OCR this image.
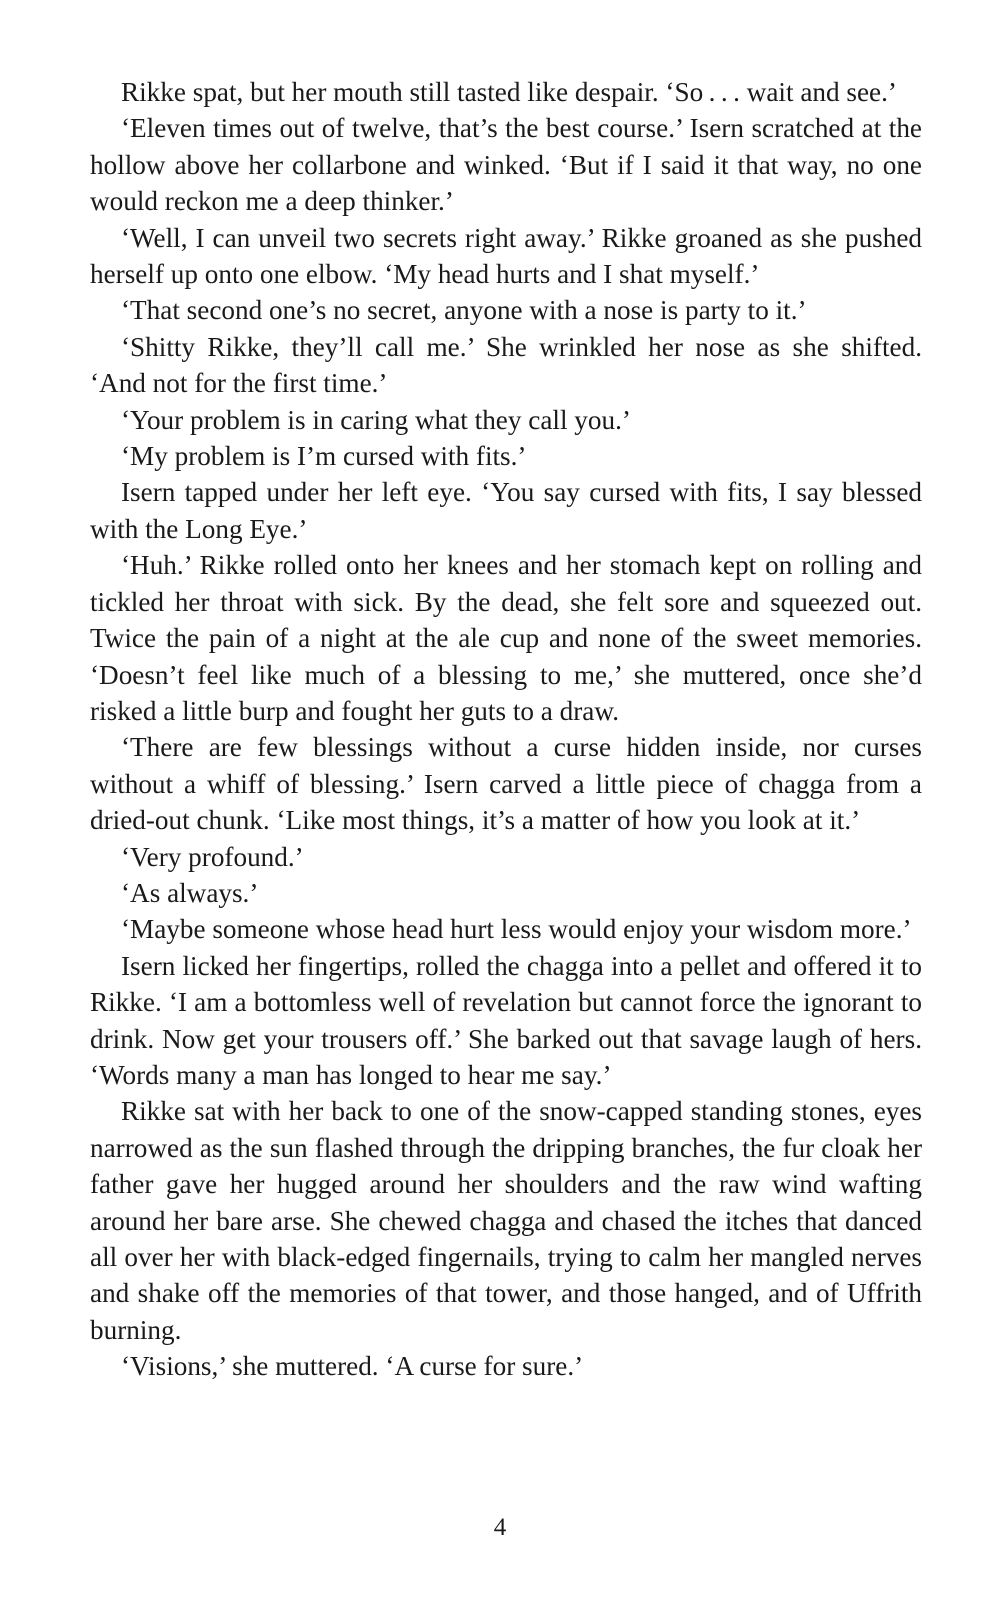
Rikke spat, but her mouth still tasted like despair. ‘So . . . wait and see.’

‘Eleven times out of twelve, that’s the best course.’ Isern scratched at the hollow above her collarbone and winked. ‘But if I said it that way, no one would reckon me a deep thinker.’

‘Well, I can unveil two secrets right away.’ Rikke groaned as she pushed herself up onto one elbow. ‘My head hurts and I shat myself.’

‘That second one’s no secret, anyone with a nose is party to it.’

‘Shitty Rikke, they’ll call me.’ She wrinkled her nose as she shifted. ‘And not for the first time.’

‘Your problem is in caring what they call you.’

‘My problem is I’m cursed with fits.’

Isern tapped under her left eye. ‘You say cursed with fits, I say blessed with the Long Eye.’

‘Huh.’ Rikke rolled onto her knees and her stomach kept on rolling and tickled her throat with sick. By the dead, she felt sore and squeezed out. Twice the pain of a night at the ale cup and none of the sweet memories. ‘Doesn’t feel like much of a blessing to me,’ she muttered, once she’d risked a little burp and fought her guts to a draw.

‘There are few blessings without a curse hidden inside, nor curses without a whiff of blessing.’ Isern carved a little piece of chagga from a dried-out chunk. ‘Like most things, it’s a matter of how you look at it.’

‘Very profound.’

‘As always.’

‘Maybe someone whose head hurt less would enjoy your wisdom more.’

Isern licked her fingertips, rolled the chagga into a pellet and offered it to Rikke. ‘I am a bottomless well of revelation but cannot force the ignorant to drink. Now get your trousers off.’ She barked out that savage laugh of hers. ‘Words many a man has longed to hear me say.’

Rikke sat with her back to one of the snow-capped standing stones, eyes narrowed as the sun flashed through the dripping branches, the fur cloak her father gave her hugged around her shoulders and the raw wind wafting around her bare arse. She chewed chagga and chased the itches that danced all over her with black-edged fingernails, trying to calm her mangled nerves and shake off the memories of that tower, and those hanged, and of Uffrith burning.

‘Visions,’ she muttered. ‘A curse for sure.’

4
